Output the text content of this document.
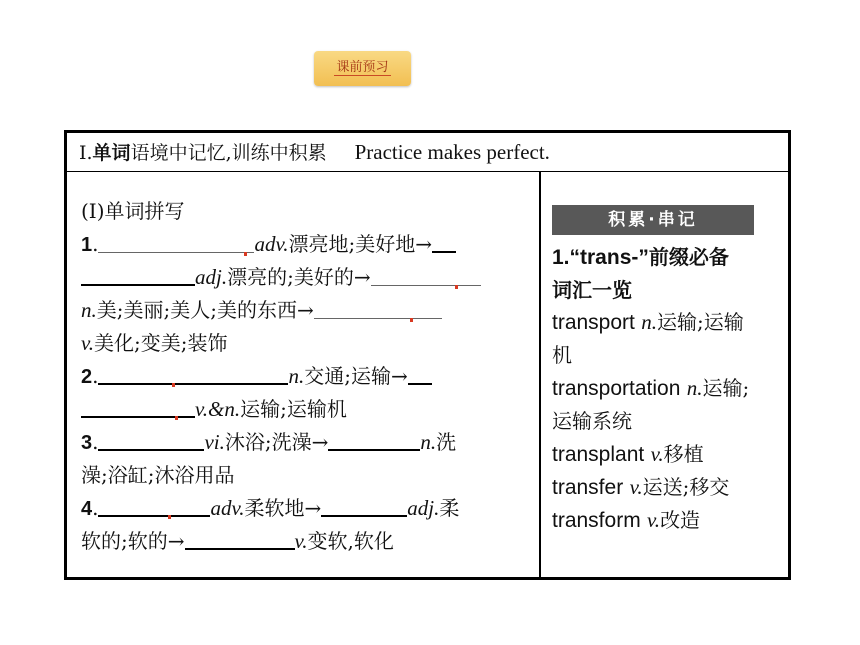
课前预习
Ⅰ.单词语境中记忆,训练中积累 Practice makes perfect.
(Ⅰ)单词拼写
1.	adv.漂亮地;美好地→
adj.漂亮的;美好的→
n.美;美丽;美人;美的东西→
v.美化;变美;装饰
2.	n.交通;运输→
v.&n.运输;运输机
3.	vi.沐浴;洗澡→	n.洗
澡;浴缸;沐浴用品
4.	adv.柔软地→	adj.柔
软的;软的→	v.变软,软化
积累·串记
1.“trans-”前缀必备
词汇一览
transport n.运输;运输
机
transportation n.运输;
运输系统
transplant v.移植
transfer v.运送;移交
transform v.改造
